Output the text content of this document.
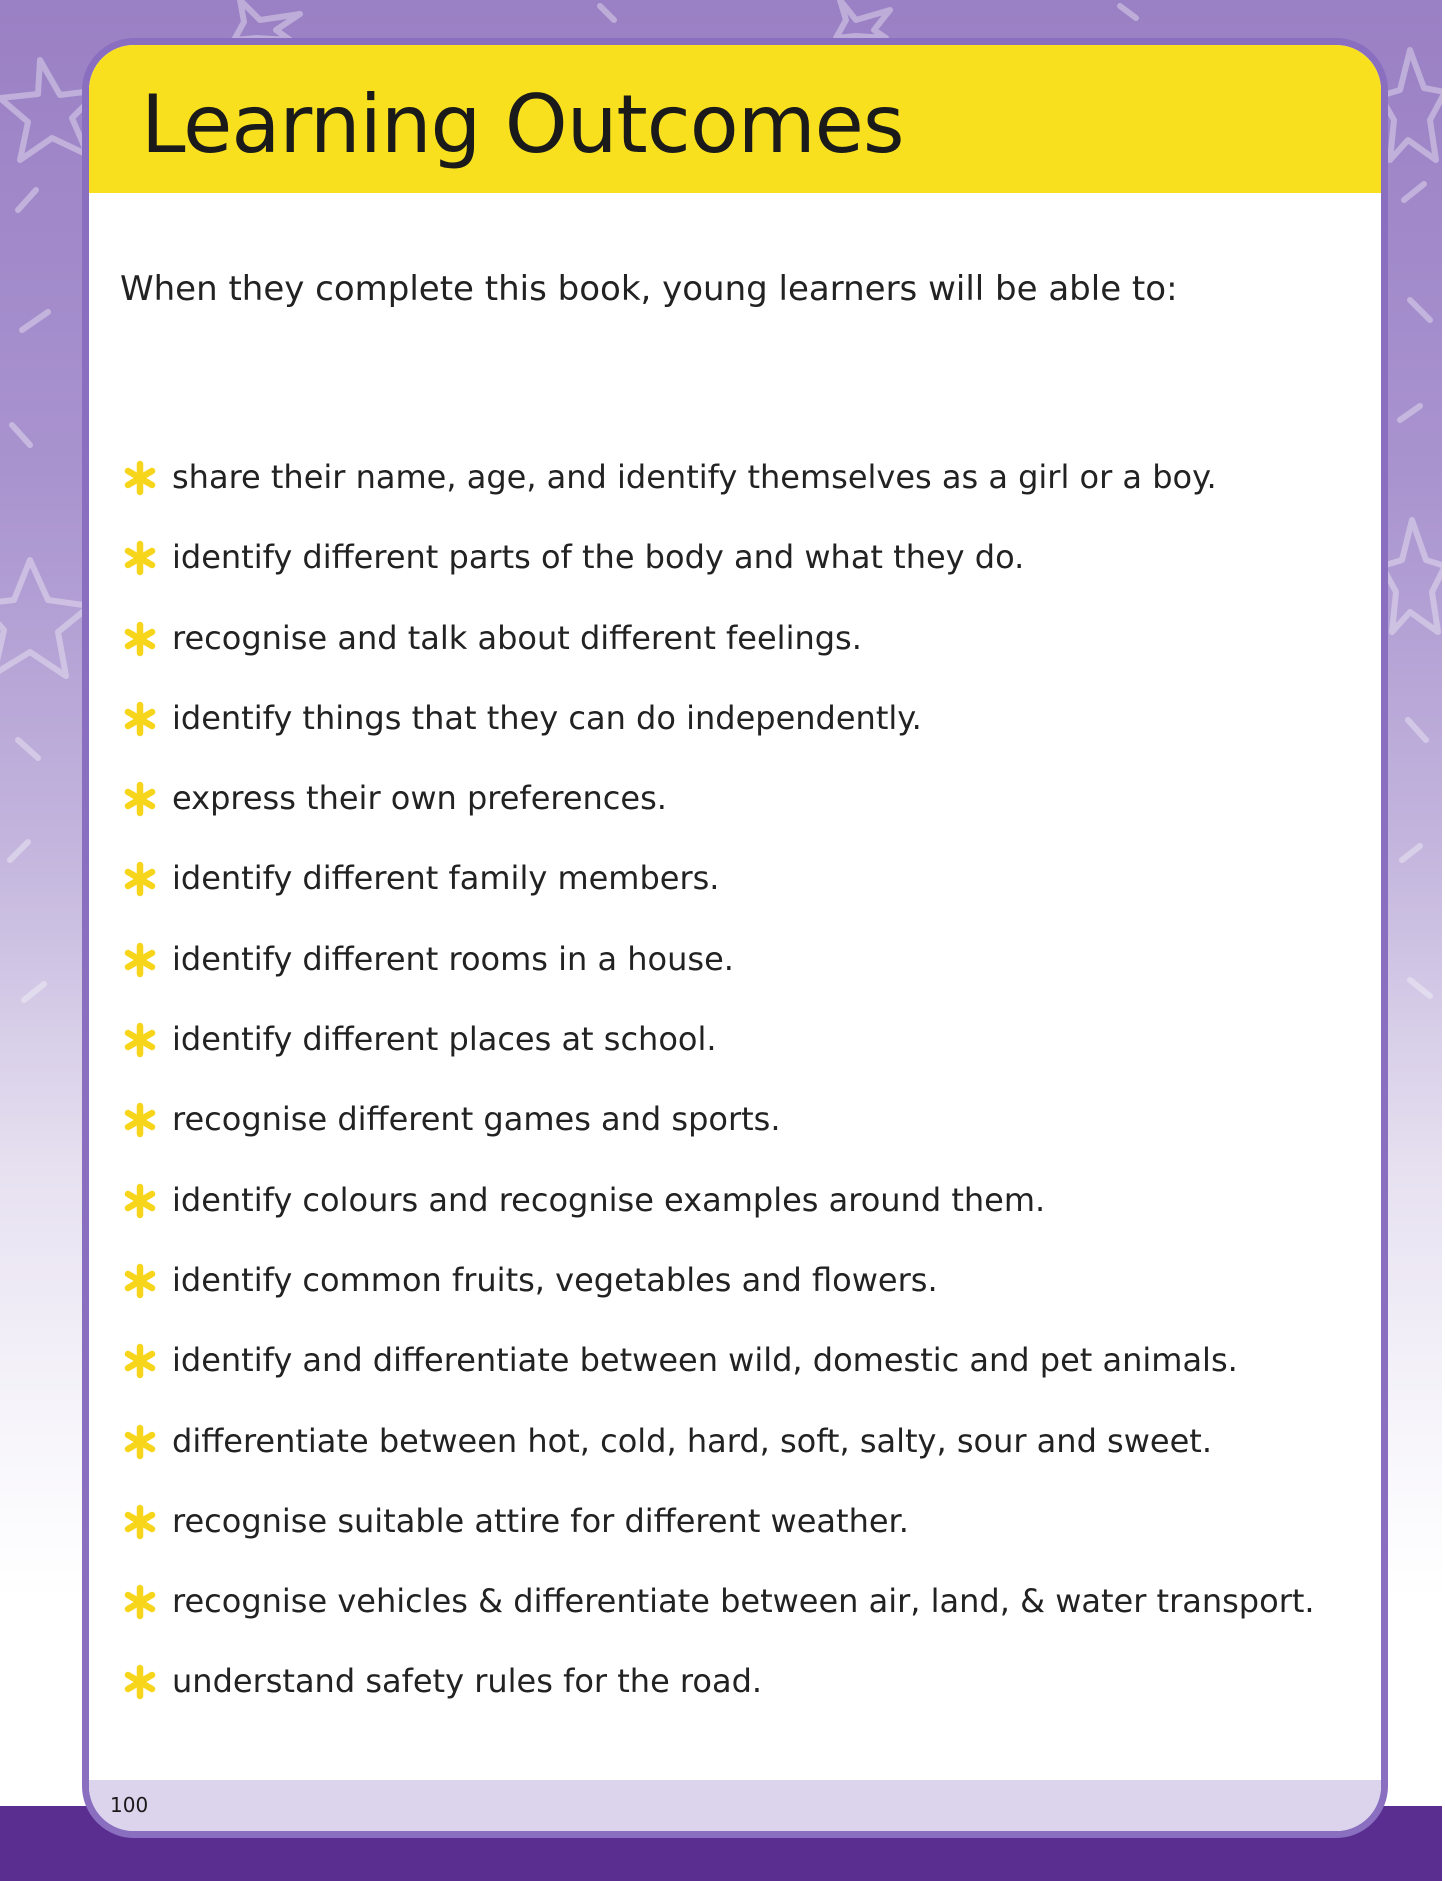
Learning Outcomes

When they complete this book, young learners will be able to:

share their name, age, and identify themselves as a girl or a boy.
identify different parts of the body and what they do.
recognise and talk about different feelings.
identify things that they can do independently.
express their own preferences.
identify different family members.
identify different rooms in a house.
identify different places at school.
recognise different games and sports.
identify colours and recognise examples around them.
identify common fruits, vegetables and flowers.
identify and differentiate between wild, domestic and pet animals.
differentiate between hot, cold, hard, soft, salty, sour and sweet.
recognise suitable attire for different weather.
recognise vehicles & differentiate between air, land, & water transport.
understand safety rules for the road.
100
